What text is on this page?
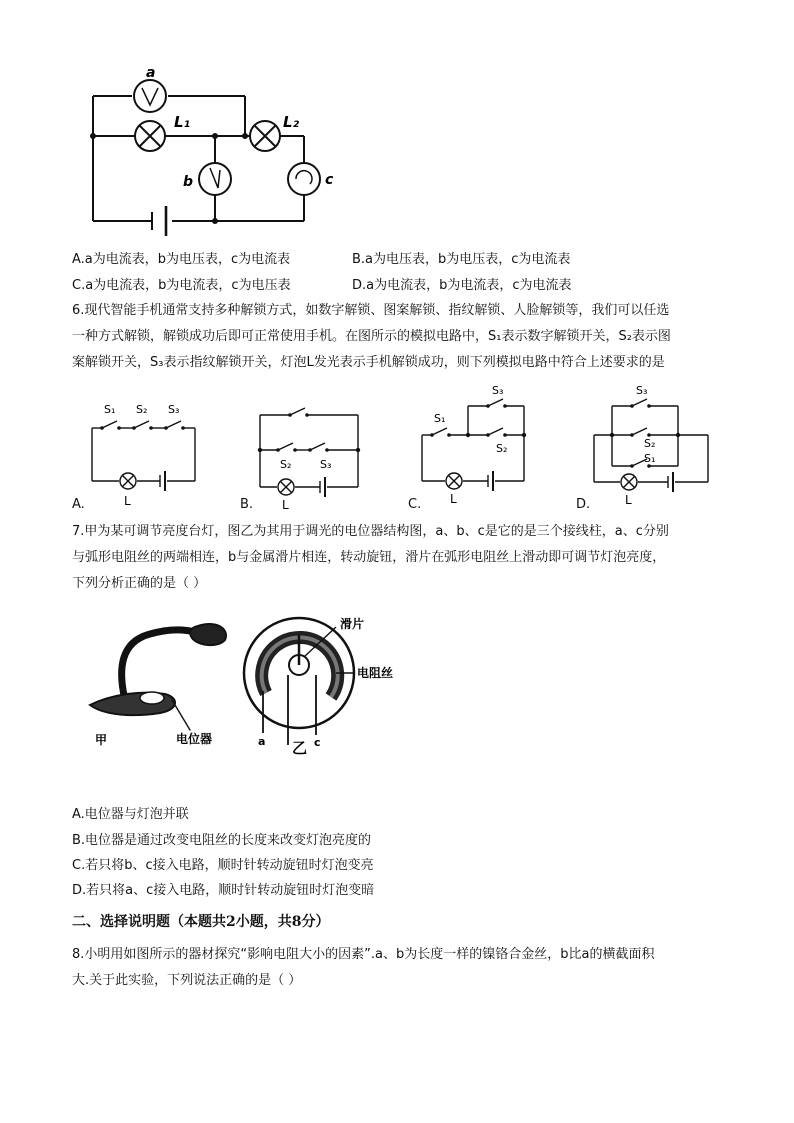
a
L₁	L₂
b	c
A.a为电流表，b为电压表，c为电流表	B.a为电压表，b为电压表，c为电流表
C.a为电流表，b为电流表，c为电压表	D.a为电流表，b为电流表，c为电流表
6.现代智能手机通常支持多种解锁方式，如数字解锁、图案解锁、指纹解锁、人脸解锁等，我们可以任选
一种方式解锁，解锁成功后即可正常使用手机。在图所示的模拟电路中，S₁表示数字解锁开关，S₂表示图
案解锁开关，S₃表示指纹解锁开关，灯泡L发光表示手机解锁成功，则下列模拟电路中符合上述要求的是
S₁ S₂ S₃
L
A.
S₂	S₃
L
B.
S₁
S₃
S₂
L
C.
S₃
S₂
S₁
L
D.
7.甲为某可调节亮度台灯，图乙为其用于调光的电位器结构图，a、b、c是它的是三个接线柱，a、c分别
与弧形电阻丝的两端相连，b与金属滑片相连，转动旋钮，滑片在弧形电阻丝上滑动即可调节灯泡亮度，
下列分析正确的是（ ）
甲	电位器
滑片
电阻丝
a 乙 c
A.电位器与灯泡并联
B.电位器是通过改变电阻丝的长度来改变灯泡亮度的
C.若只将b、c接入电路，顺时针转动旋钮时灯泡变亮
D.若只将a、c接入电路，顺时针转动旋钮时灯泡变暗
二、选择说明题（本题共2小题，共8分）
8.小明用如图所示的器材探究“影响电阻大小的因素”.a、b为长度一样的镍铬合金丝，b比a的横截面积
大.关于此实验，下列说法正确的是（ ）
